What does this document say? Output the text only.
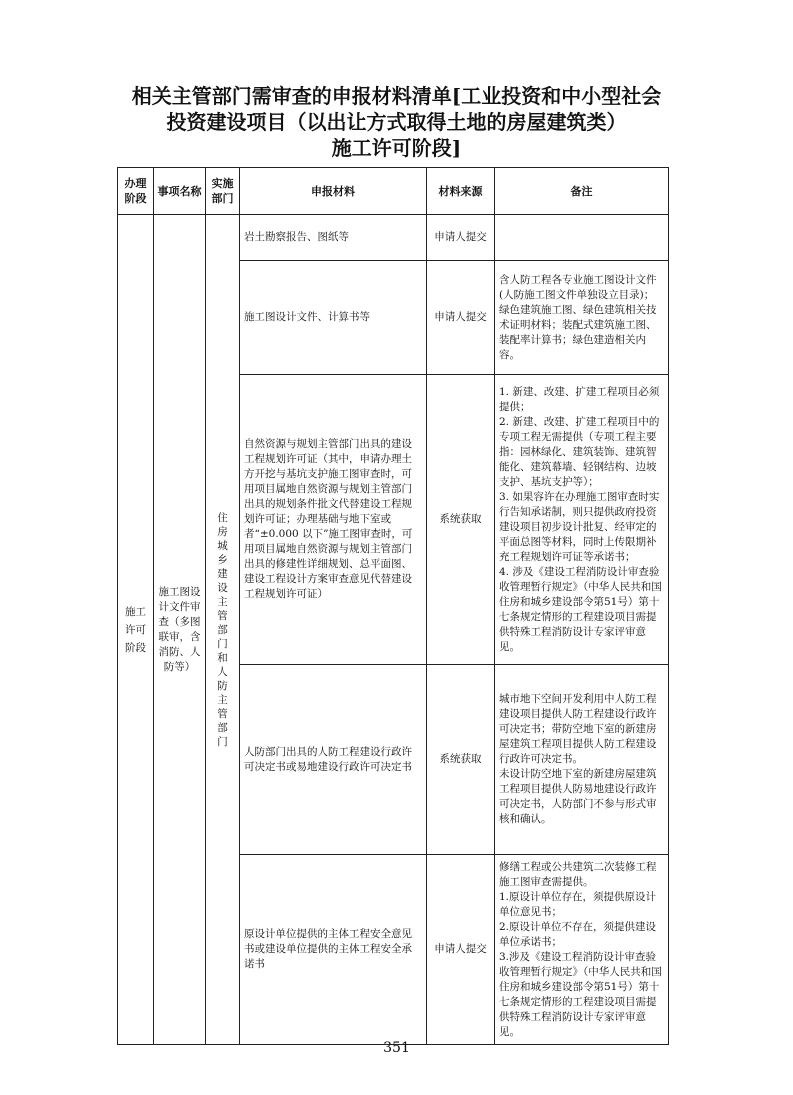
相关主管部门需审查的申报材料清单[工业投资和中小型社会
投资建设项目（以出让方式取得土地的房屋建筑类）
施工许可阶段]
办理阶段	事项名称	实施部门	申报材料	材料来源	备注

施工许可阶段	施工图设计文件审查（多图联审，含消防、人防等）	住房城乡建设主管部门和人防主管部门	岩土勘察报告、图纸等	申请人提交	
			施工图设计文件、计算书等	申请人提交	含人防工程各专业施工图设计文件(人防施工图文件单独设立目录)；绿色建筑施工图、绿色建筑相关技术证明材料；装配式建筑施工图、装配率计算书；绿色建造相关内容。
			自然资源与规划主管部门出具的建设工程规划许可证（其中，申请办理土方开挖与基坑支护施工图审查时，可用项目属地自然资源与规划主管部门出具的规划条件批文代替建设工程规划许可证；办理基础与地下室或者“±0.000 以下”施工图审查时，可用项目属地自然资源与规划主管部门出具的修建性详细规划、总平面图、建设工程设计方案审查意见代替建设工程规划许可证）	系统获取	1. 新建、改建、扩建工程项目必须提供；
2. 新建、改建、扩建工程项目中的专项工程无需提供（专项工程主要指：园林绿化、建筑装饰、建筑智能化、建筑幕墙、轻钢结构、边坡支护、基坑支护等）；
3. 如果容许在办理施工图审查时实行告知承诺制，则只提供政府投资建设项目初步设计批复、经审定的平面总图等材料，同时上传限期补充工程规划许可证等承诺书；
4. 涉及《建设工程消防设计审查验收管理暂行规定》（中华人民共和国住房和城乡建设部令第51号）第十七条规定情形的工程建设项目需提供特殊工程消防设计专家评审意见。
			人防部门出具的人防工程建设行政许可决定书或易地建设行政许可决定书	系统获取	城市地下空间开发利用中人防工程建设项目提供人防工程建设行政许可决定书；带防空地下室的新建房屋建筑工程项目提供人防工程建设行政许可决定书。
未设计防空地下室的新建房屋建筑工程项目提供人防易地建设行政许可决定书，人防部门不参与形式审核和确认。
			原设计单位提供的主体工程安全意见书或建设单位提供的主体工程安全承诺书	申请人提交	修缮工程或公共建筑二次装修工程施工图审查需提供。
1.原设计单位存在，须提供原设计单位意见书；
2.原设计单位不存在，须提供建设单位承诺书；
3.涉及《建设工程消防设计审查验收管理暂行规定》（中华人民共和国住房和城乡建设部令第51号）第十七条规定情形的工程建设项目需提供特殊工程消防设计专家评审意见。
351
